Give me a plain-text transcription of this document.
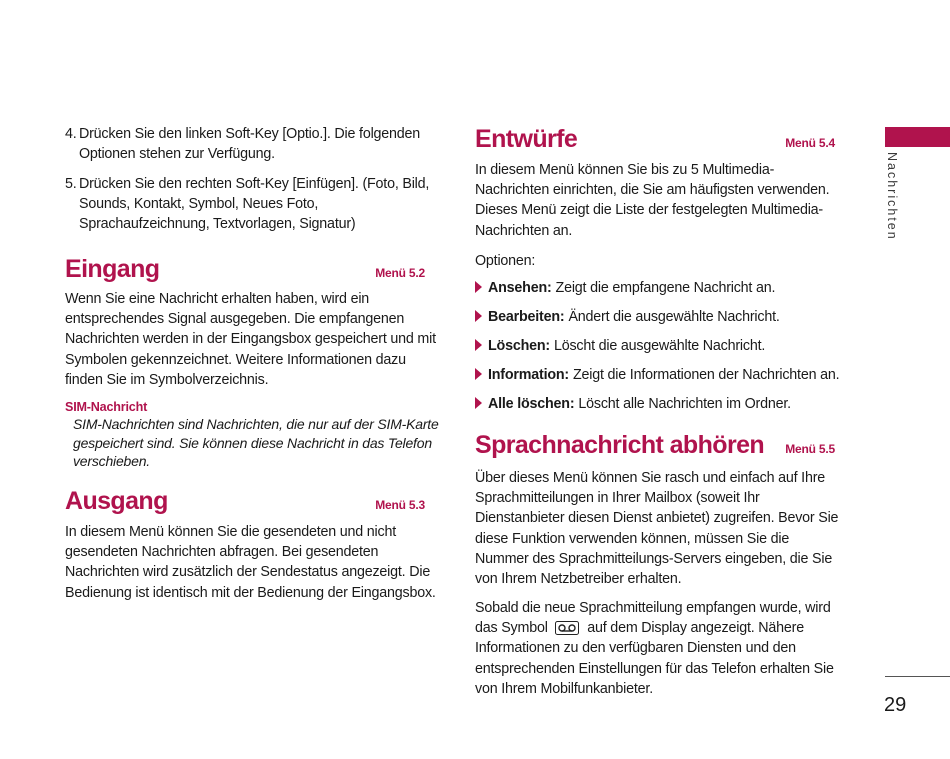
4. Drücken Sie den linken Soft-Key [Optio.]. Die folgenden Optionen stehen zur Verfügung.
5. Drücken Sie den rechten Soft-Key [Einfügen]. (Foto, Bild, Sounds, Kontakt, Symbol, Neues Foto, Sprachaufzeichnung, Textvorlagen, Signatur)
Eingang	Menü 5.2

Wenn Sie eine Nachricht erhalten haben, wird ein entsprechendes Signal ausgegeben. Die empfangenen Nachrichten werden in der Eingangsbox gespeichert und mit Symbolen gekennzeichnet. Weitere Informationen dazu finden Sie im Symbolverzeichnis.

SIM-Nachricht

SIM-Nachrichten sind Nachrichten, die nur auf der SIM-Karte gespeichert sind. Sie können diese Nachricht in das Telefon verschieben.

Ausgang	Menü 5.3

In diesem Menü können Sie die gesendeten und nicht gesendeten Nachrichten abfragen. Bei gesendeten Nachrichten wird zusätzlich der Sendestatus angezeigt. Die Bedienung ist identisch mit der Bedienung der Eingangsbox.

Entwürfe	Menü 5.4

In diesem Menü können Sie bis zu 5 Multimedia-Nachrichten einrichten, die Sie am häufigsten verwenden. Dieses Menü zeigt die Liste der festgelegten Multimedia-Nachrichten an.

Optionen:

Ansehen: Zeigt die empfangene Nachricht an.
Bearbeiten: Ändert die ausgewählte Nachricht.
Löschen: Löscht die ausgewählte Nachricht.
Information: Zeigt die Informationen der Nachrichten an.
Alle löschen: Löscht alle Nachrichten im Ordner.
Sprachnachricht abhören Menü 5.5

Über dieses Menü können Sie rasch und einfach auf Ihre Sprachmitteilungen in Ihrer Mailbox (soweit Ihr Dienstanbieter diesen Dienst anbietet) zugreifen. Bevor Sie diese Funktion verwenden können, müssen Sie die Nummer des Sprachmitteilungs-Servers eingeben, die Sie von Ihrem Netzbetreiber erhalten.

Sobald die neue Sprachmitteilung empfangen wurde, wird das Symbol	auf dem Display angezeigt. Nähere Informationen zu den verfügbaren Diensten und den entsprechenden Einstellungen für das Telefon erhalten Sie von Ihrem Mobilfunkanbieter.

Nachrichten
29
